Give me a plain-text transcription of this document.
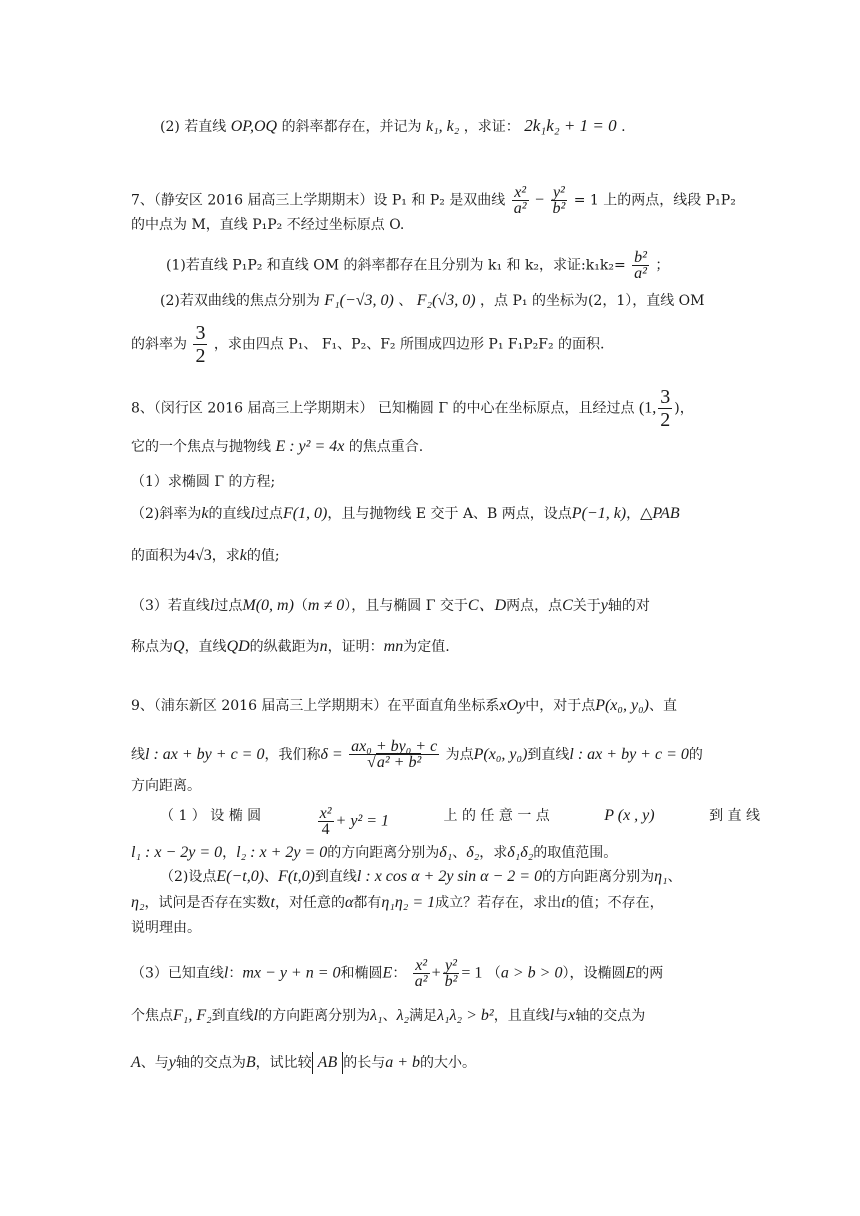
(2) 若直线 OP,OQ 的斜率都存在，并记为 k₁, k₂ ，求证： 2k₁k₂ + 1 = 0 .
7、（静安区 2016 届高三上学期期末）设 P₁ 和 P₂ 是双曲线 $\frac{\text{x²}}{\text{a²}} - \frac{\text{y²}}{\text{b²}} = 1$ 上的两点，线段 P₁P₂
的中点为 M，直线 P₁P₂ 不经过坐标原点 O.
(1)若直线 P₁P₂ 和直线 OM 的斜率都存在且分别为 k₁ 和 k₂，求证:k₁k₂= $\frac{\text{b²}}{\text{a²}}$ ；
(2)若双曲线的焦点分别为 F₁(−√3, 0) 、 F₂(√3, 0) ，点 P₁ 的坐标为(2，1），直线 OM
的斜率为 $\frac{3}{2}$ ，求由四点 P₁、 F₁、P₂、F₂ 所围成四边形 P₁ F₁P₂F₂ 的面积.
8、（闵行区 2016 届高三上学期期末） 已知椭圆 Γ 的中心在坐标原点，且经过点 (1, $\frac{3}{2}$ )，
它的一个焦点与抛物线 E : y² = 4x 的焦点重合.
（1）求椭圆 Γ 的方程;
（2)斜率为k的直线l过点F(1, 0)，且与抛物线 E 交于 A、B 两点，设点P(−1, k)，△PAB
的面积为4√3，求k的值;
（3）若直线l过点M(0, m)（m ≠ 0），且与椭圆 Γ 交于C、D两点，点C关于y轴的对
称点为Q，直线QD的纵截距为n，证明：mn为定值.
9、（浦东新区 2016 届高三上学期期末）在平面直角坐标系xOy中，对于点P(x₀, y₀)、直
线l : ax + by + c = 0，我们称$\delta = \frac{\text{ax₀ + by₀ + c}}{\text{√a² + b²}}$ 为点P(x₀, y₀)到直线l : ax + by + c = 0的
方向距离。
（ 1 ） 设 椭 圆	$\frac{\text{x²}}{4} + y^2 = 1$	上 的 任 意 一 点	P (x , y)	到 直 线
l₁ : x − 2y = 0，l₂ : x + 2y = 0的方向距离分别为δ₁、δ₂，求δ₁δ₂的取值范围。
（2)设点E(−t,0)、F(t,0)到直线l : x cos α + 2y sin α − 2 = 0的方向距离分别为η₁、
η₂，试问是否存在实数t，对任意的α都有η₁η₂ = 1成立？若存在，求出t的值；不存在，
说明理由。
（3）已知直线l：mx − y + n = 0和椭圆E： $\frac{\text{x²}}{\text{a²}} + \frac{\text{y²}}{\text{b²}} = 1$ （a > b > 0），设椭圆E的两
个焦点F₁, F₂到直线l的方向距离分别为λ₁、λ₂满足λ₁λ₂ > b²，且直线l与x轴的交点为
A、与y轴的交点为B，试比较 AB 的长与a + b的大小。
